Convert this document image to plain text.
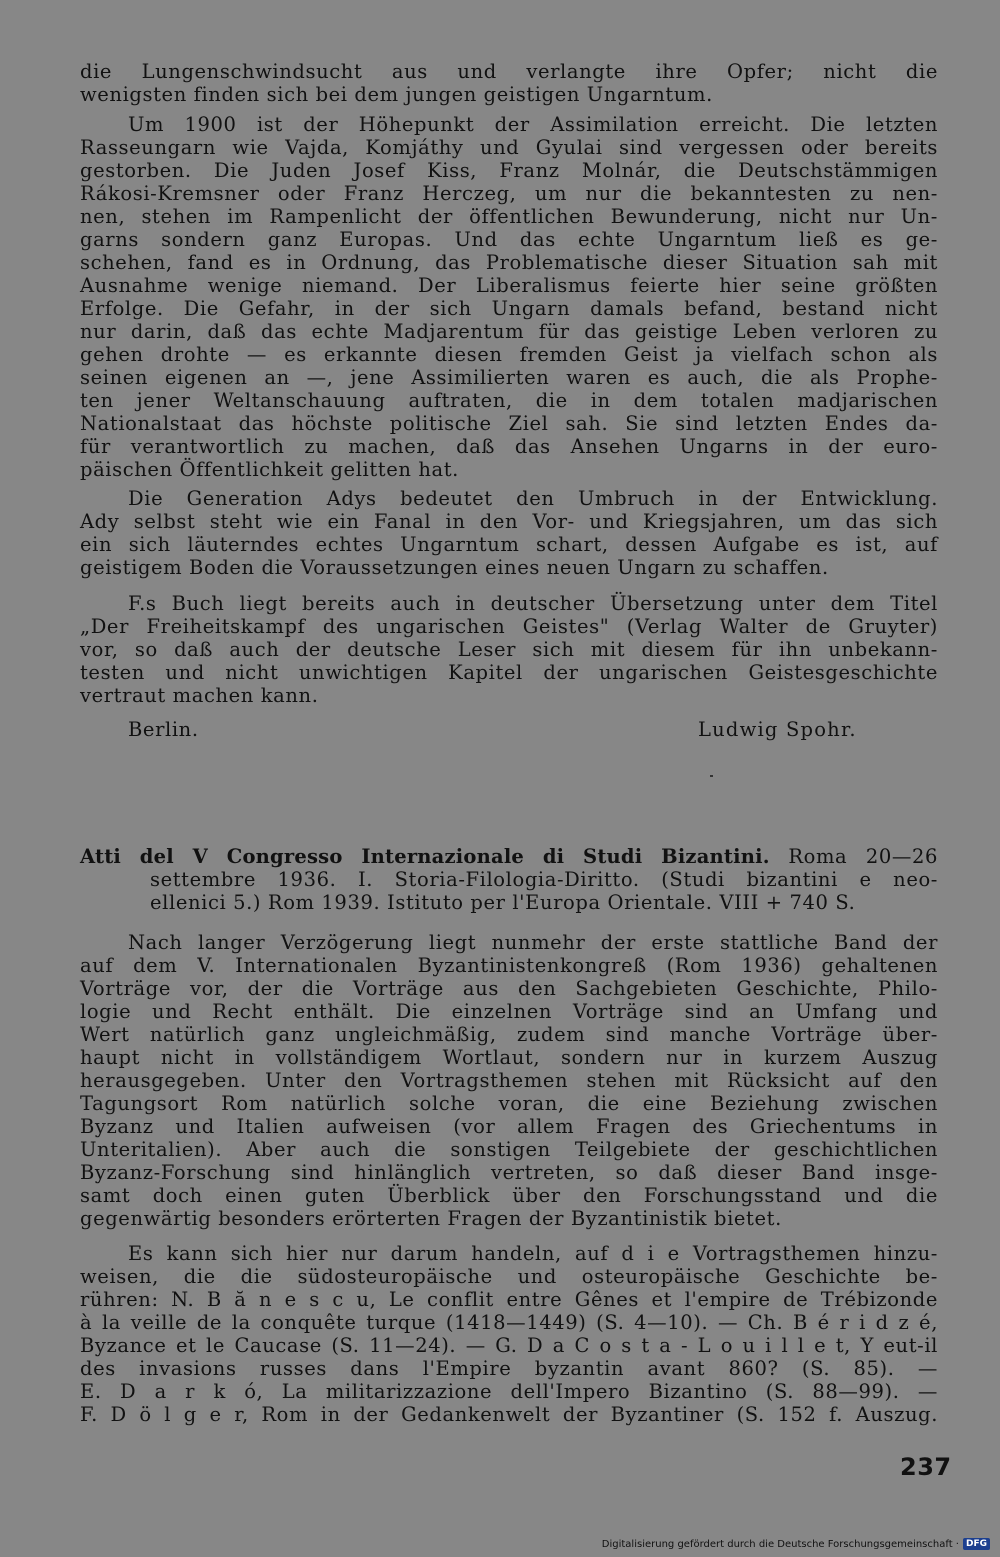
die Lungenschwindsucht aus und verlangte ihre Opfer; nicht die
wenigsten finden sich bei dem jungen geistigen Ungarntum.
Um 1900 ist der Höhepunkt der Assimilation erreicht. Die letzten
Rasseungarn wie Vajda, Komjáthy und Gyulai sind vergessen oder bereits
gestorben. Die Juden Josef Kiss, Franz Molnár, die Deutschstämmigen
Rákosi-Kremsner oder Franz Herczeg, um nur die bekanntesten zu nen-
nen, stehen im Rampenlicht der öffentlichen Bewunderung, nicht nur Un-
garns sondern ganz Europas. Und das echte Ungarntum ließ es ge-
schehen, fand es in Ordnung, das Problematische dieser Situation sah mit
Ausnahme wenige niemand. Der Liberalismus feierte hier seine größten
Erfolge. Die Gefahr, in der sich Ungarn damals befand, bestand nicht
nur darin, daß das echte Madjarentum für das geistige Leben verloren zu
gehen drohte — es erkannte diesen fremden Geist ja vielfach schon als
seinen eigenen an —, jene Assimilierten waren es auch, die als Prophe-
ten jener Weltanschauung auftraten, die in dem totalen madjarischen
Nationalstaat das höchste politische Ziel sah. Sie sind letzten Endes da-
für verantwortlich zu machen, daß das Ansehen Ungarns in der euro-
päischen Öffentlichkeit gelitten hat.
Die Generation Adys bedeutet den Umbruch in der Entwicklung.
Ady selbst steht wie ein Fanal in den Vor- und Kriegsjahren, um das sich
ein sich läuterndes echtes Ungarntum schart, dessen Aufgabe es ist, auf
geistigem Boden die Voraussetzungen eines neuen Ungarn zu schaffen.
F.s Buch liegt bereits auch in deutscher Übersetzung unter dem Titel
„Der Freiheitskampf des ungarischen Geistes" (Verlag Walter de Gruyter)
vor, so daß auch der deutsche Leser sich mit diesem für ihn unbekann-
testen und nicht unwichtigen Kapitel der ungarischen Geistesgeschichte
vertraut machen kann.
Berlin.	Ludwig Spohr.
Atti del V Congresso Internazionale di Studi Bizantini. Roma 20—26
settembre 1936. I. Storia-Filologia-Diritto. (Studi bizantini e neo-
ellenici 5.) Rom 1939. Istituto per l'Europa Orientale. VIII + 740 S.
Nach langer Verzögerung liegt nunmehr der erste stattliche Band der
auf dem V. Internationalen Byzantinistenkongreß (Rom 1936) gehaltenen
Vorträge vor, der die Vorträge aus den Sachgebieten Geschichte, Philo-
logie und Recht enthält. Die einzelnen Vorträge sind an Umfang und
Wert natürlich ganz ungleichmäßig, zudem sind manche Vorträge über-
haupt nicht in vollständigem Wortlaut, sondern nur in kurzem Auszug
herausgegeben. Unter den Vortragsthemen stehen mit Rücksicht auf den
Tagungsort Rom natürlich solche voran, die eine Beziehung zwischen
Byzanz und Italien aufweisen (vor allem Fragen des Griechentums in
Unteritalien). Aber auch die sonstigen Teilgebiete der geschichtlichen
Byzanz-Forschung sind hinlänglich vertreten, so daß dieser Band insge-
samt doch einen guten Überblick über den Forschungsstand und die
gegenwärtig besonders erörterten Fragen der Byzantinistik bietet.
Es kann sich hier nur darum handeln, auf d i e Vortragsthemen hinzu-
weisen, die die südosteuropäische und osteuropäische Geschichte be-
rühren: N. B ă n e s c u, Le conflit entre Gênes et l'empire de Trébizonde
à la veille de la conquête turque (1418—1449) (S. 4—10). — Ch. B é r i d z é,
Byzance et le Caucase (S. 11—24). — G. D a C o s t a - L o u i l l e t, Y eut-il
des invasions russes dans l'Empire byzantin avant 860? (S. 85). —
E. D a r k ó, La militarizzazione dell'Impero Bizantino (S. 88—99). —
F. D ö l g e r, Rom in der Gedankenwelt der Byzantiner (S. 152 f. Auszug.
237
Digitalisierung gefördert durch die Deutsche Forschungsgemeinschaft · DFG
